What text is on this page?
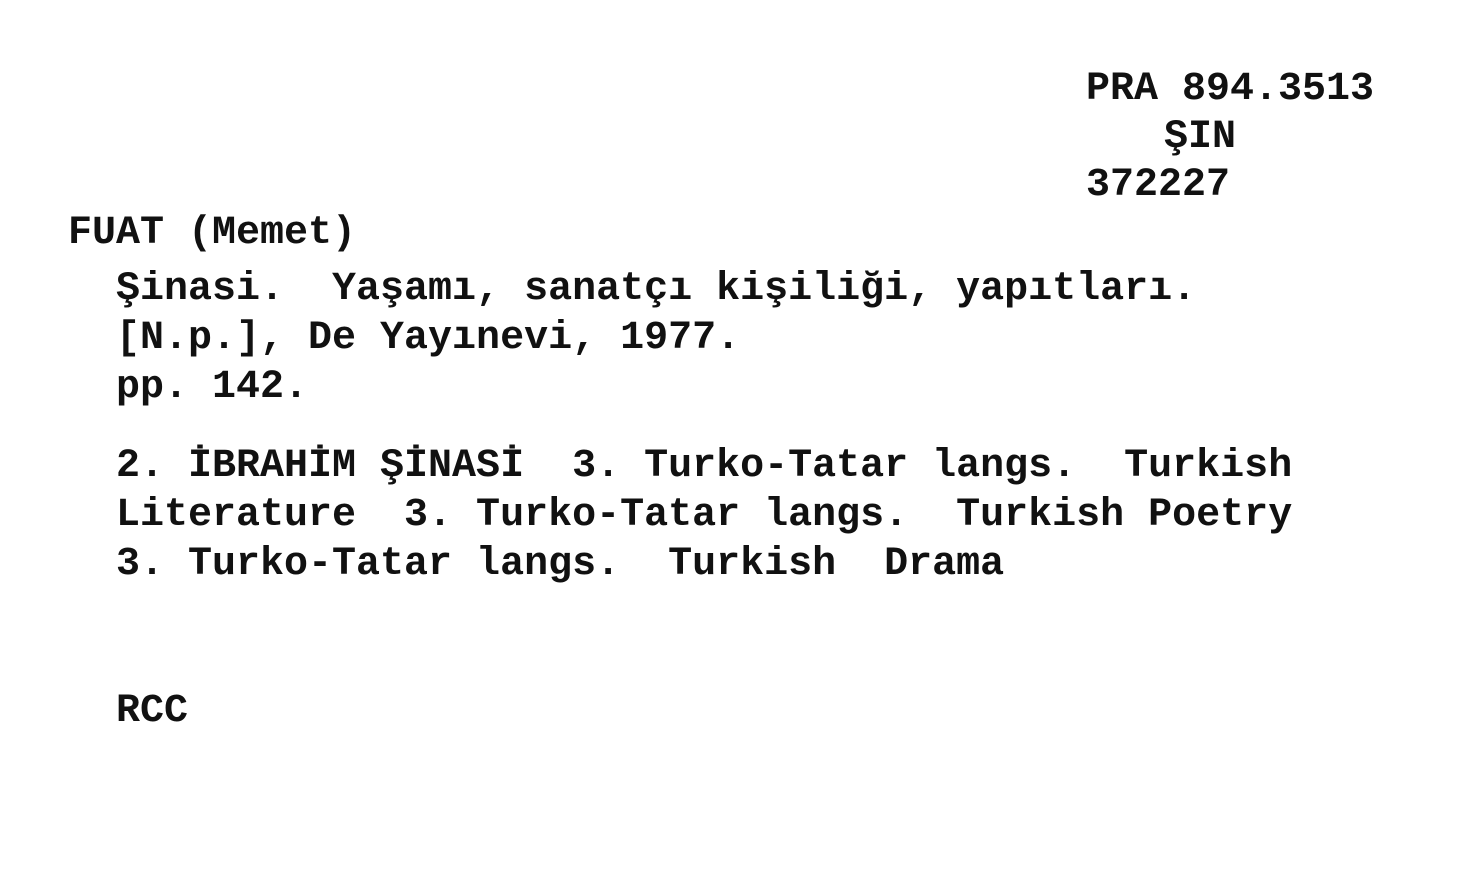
PRA 894.3513
ŞIN
372227
FUAT (Memet)
Şinasi.  Yaşamı, sanatçı kişiliği, yapıtları.
[N.p.], De Yayınevi, 1977.
pp. 142.
2. İBRAHİM ŞİNASİ  3. Turko-Tatar langs.  Turkish
Literature  3. Turko-Tatar langs.  Turkish Poetry
3. Turko-Tatar langs.  Turkish  Drama
RCC
